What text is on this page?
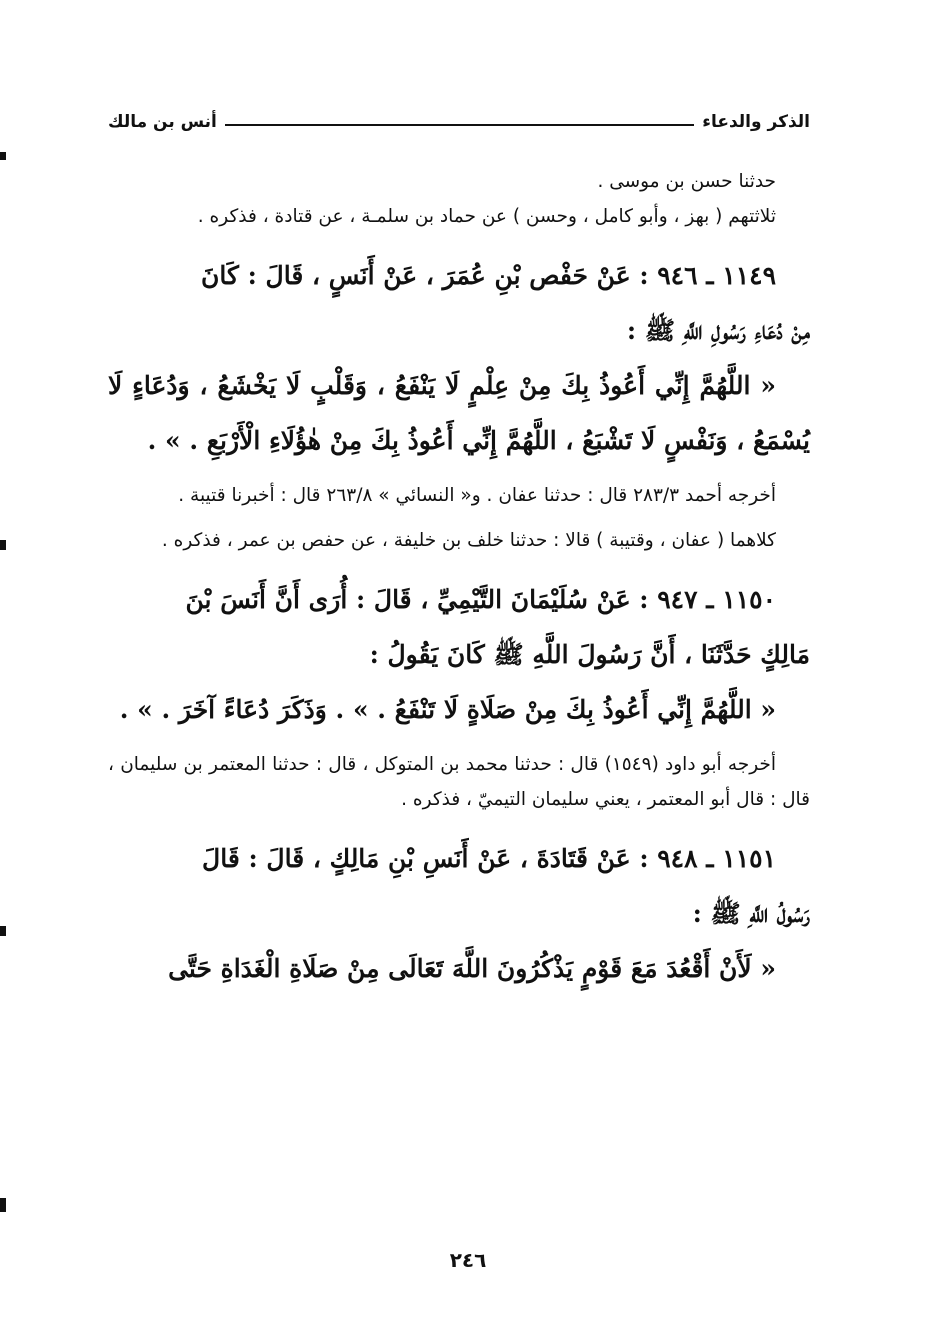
الذكر والدعاء
أنس بن مالك

حدثنا حسن بن موسى .

ثلاثتهم ( بهز ، وأبو كامل ، وحسن ) عن حماد بن سلمـة ، عن قتادة ، فذكره .

١١٤٩ ـ ٩٤٦ : عَنْ حَفْص بْنِ عُمَرَ ، عَنْ أَنَسٍ ، قَالَ : كَانَ

مِنْ دُعَاءِ رَسُولِ اللَّهِ ﷺ :

« اللَّهُمَّ إِنِّي أَعُوذُ بِكَ مِنْ عِلْمٍ لَا يَنْفَعُ ، وَقَلْبٍ لَا يَخْشَعُ ، وَدُعَاءٍ لَا يُسْمَعُ ، وَنَفْسٍ لَا تَشْبَعُ ، اللَّهُمَّ إِنِّي أَعُوذُ بِكَ مِنْ هٰؤُلَاءِ الْأَرْبَعِ . » .

أخرجه أحمد ٢٨٣/٣ قال : حدثنا عفان . و« النسائي » ٢٦٣/٨ قال : أخبرنا قتيبة .

كلاهما ( عفان ، وقتيبة ) قالا : حدثنا خلف بن خليفة ، عن حفص بن عمر ، فذكره .

١١٥٠ ـ ٩٤٧ : عَنْ سُلَيْمَانَ التَّيْمِيِّ ، قَالَ : أُرَى أَنَّ أَنَسَ بْنَ

مَالِكٍ حَدَّثَنَا ، أَنَّ رَسُولَ اللَّهِ ﷺ كَانَ يَقُولُ :

« اللَّهُمَّ إِنِّي أَعُوذُ بِكَ مِنْ صَلَاةٍ لَا تَنْفَعُ . » . وَذَكَرَ دُعَاءً آخَرَ . » .

أخرجه أبو داود (١٥٤٩) قال : حدثنا محمد بن المتوكل ، قال : حدثنا المعتمر بن سليمان ، قال : قال أبو المعتمر ، يعني سليمان التيميّ ، فذكره .

١١٥١ ـ ٩٤٨ : عَنْ قَتَادَةَ ، عَنْ أَنَسِ بْنِ مَالِكٍ ، قَالَ : قَالَ

رَسُولُ اللَّهِ ﷺ :

« لَأَنْ أَقْعُدَ مَعَ قَوْمٍ يَذْكُرُونَ اللَّهَ تَعَالَى مِنْ صَلَاةِ الْغَدَاةِ حَتَّى

٢٤٦
